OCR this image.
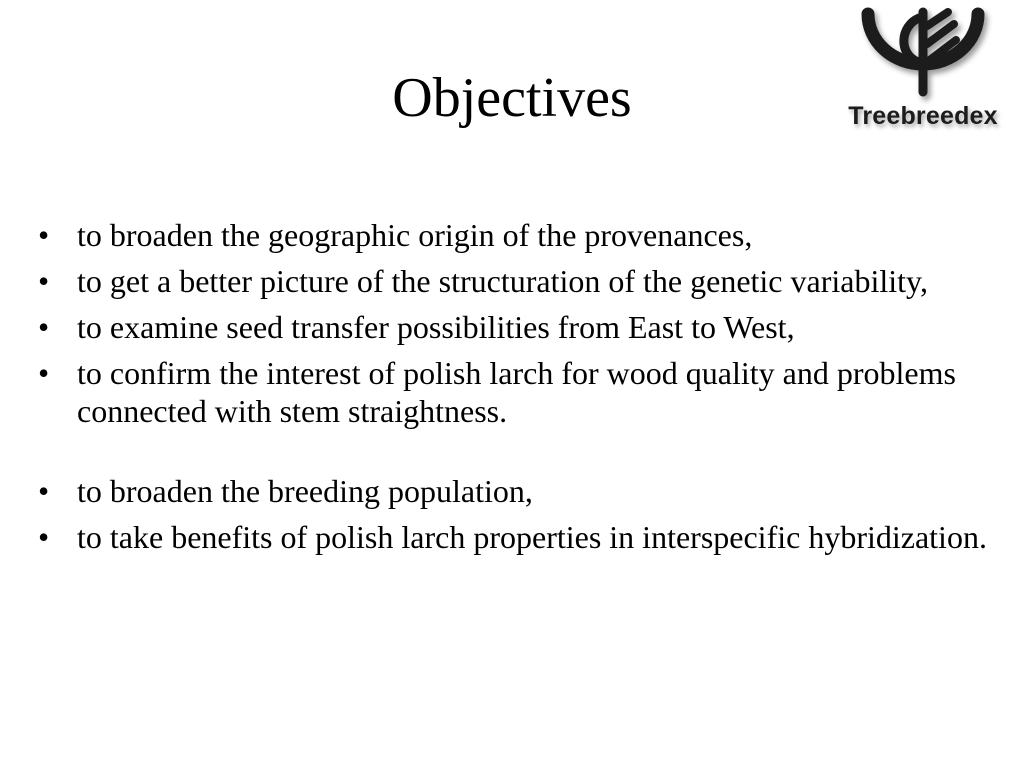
Objectives	Treebreedex
• to broaden the geographic origin of the provenances,
• to get a better picture of the structuration of the genetic variability,
• to examine seed transfer possibilities from East to West,
• to confirm the interest of polish larch for wood quality and problems connected with stem straightness.
• to broaden the breeding population,
• to take benefits of polish larch properties in interspecific hybridization.
